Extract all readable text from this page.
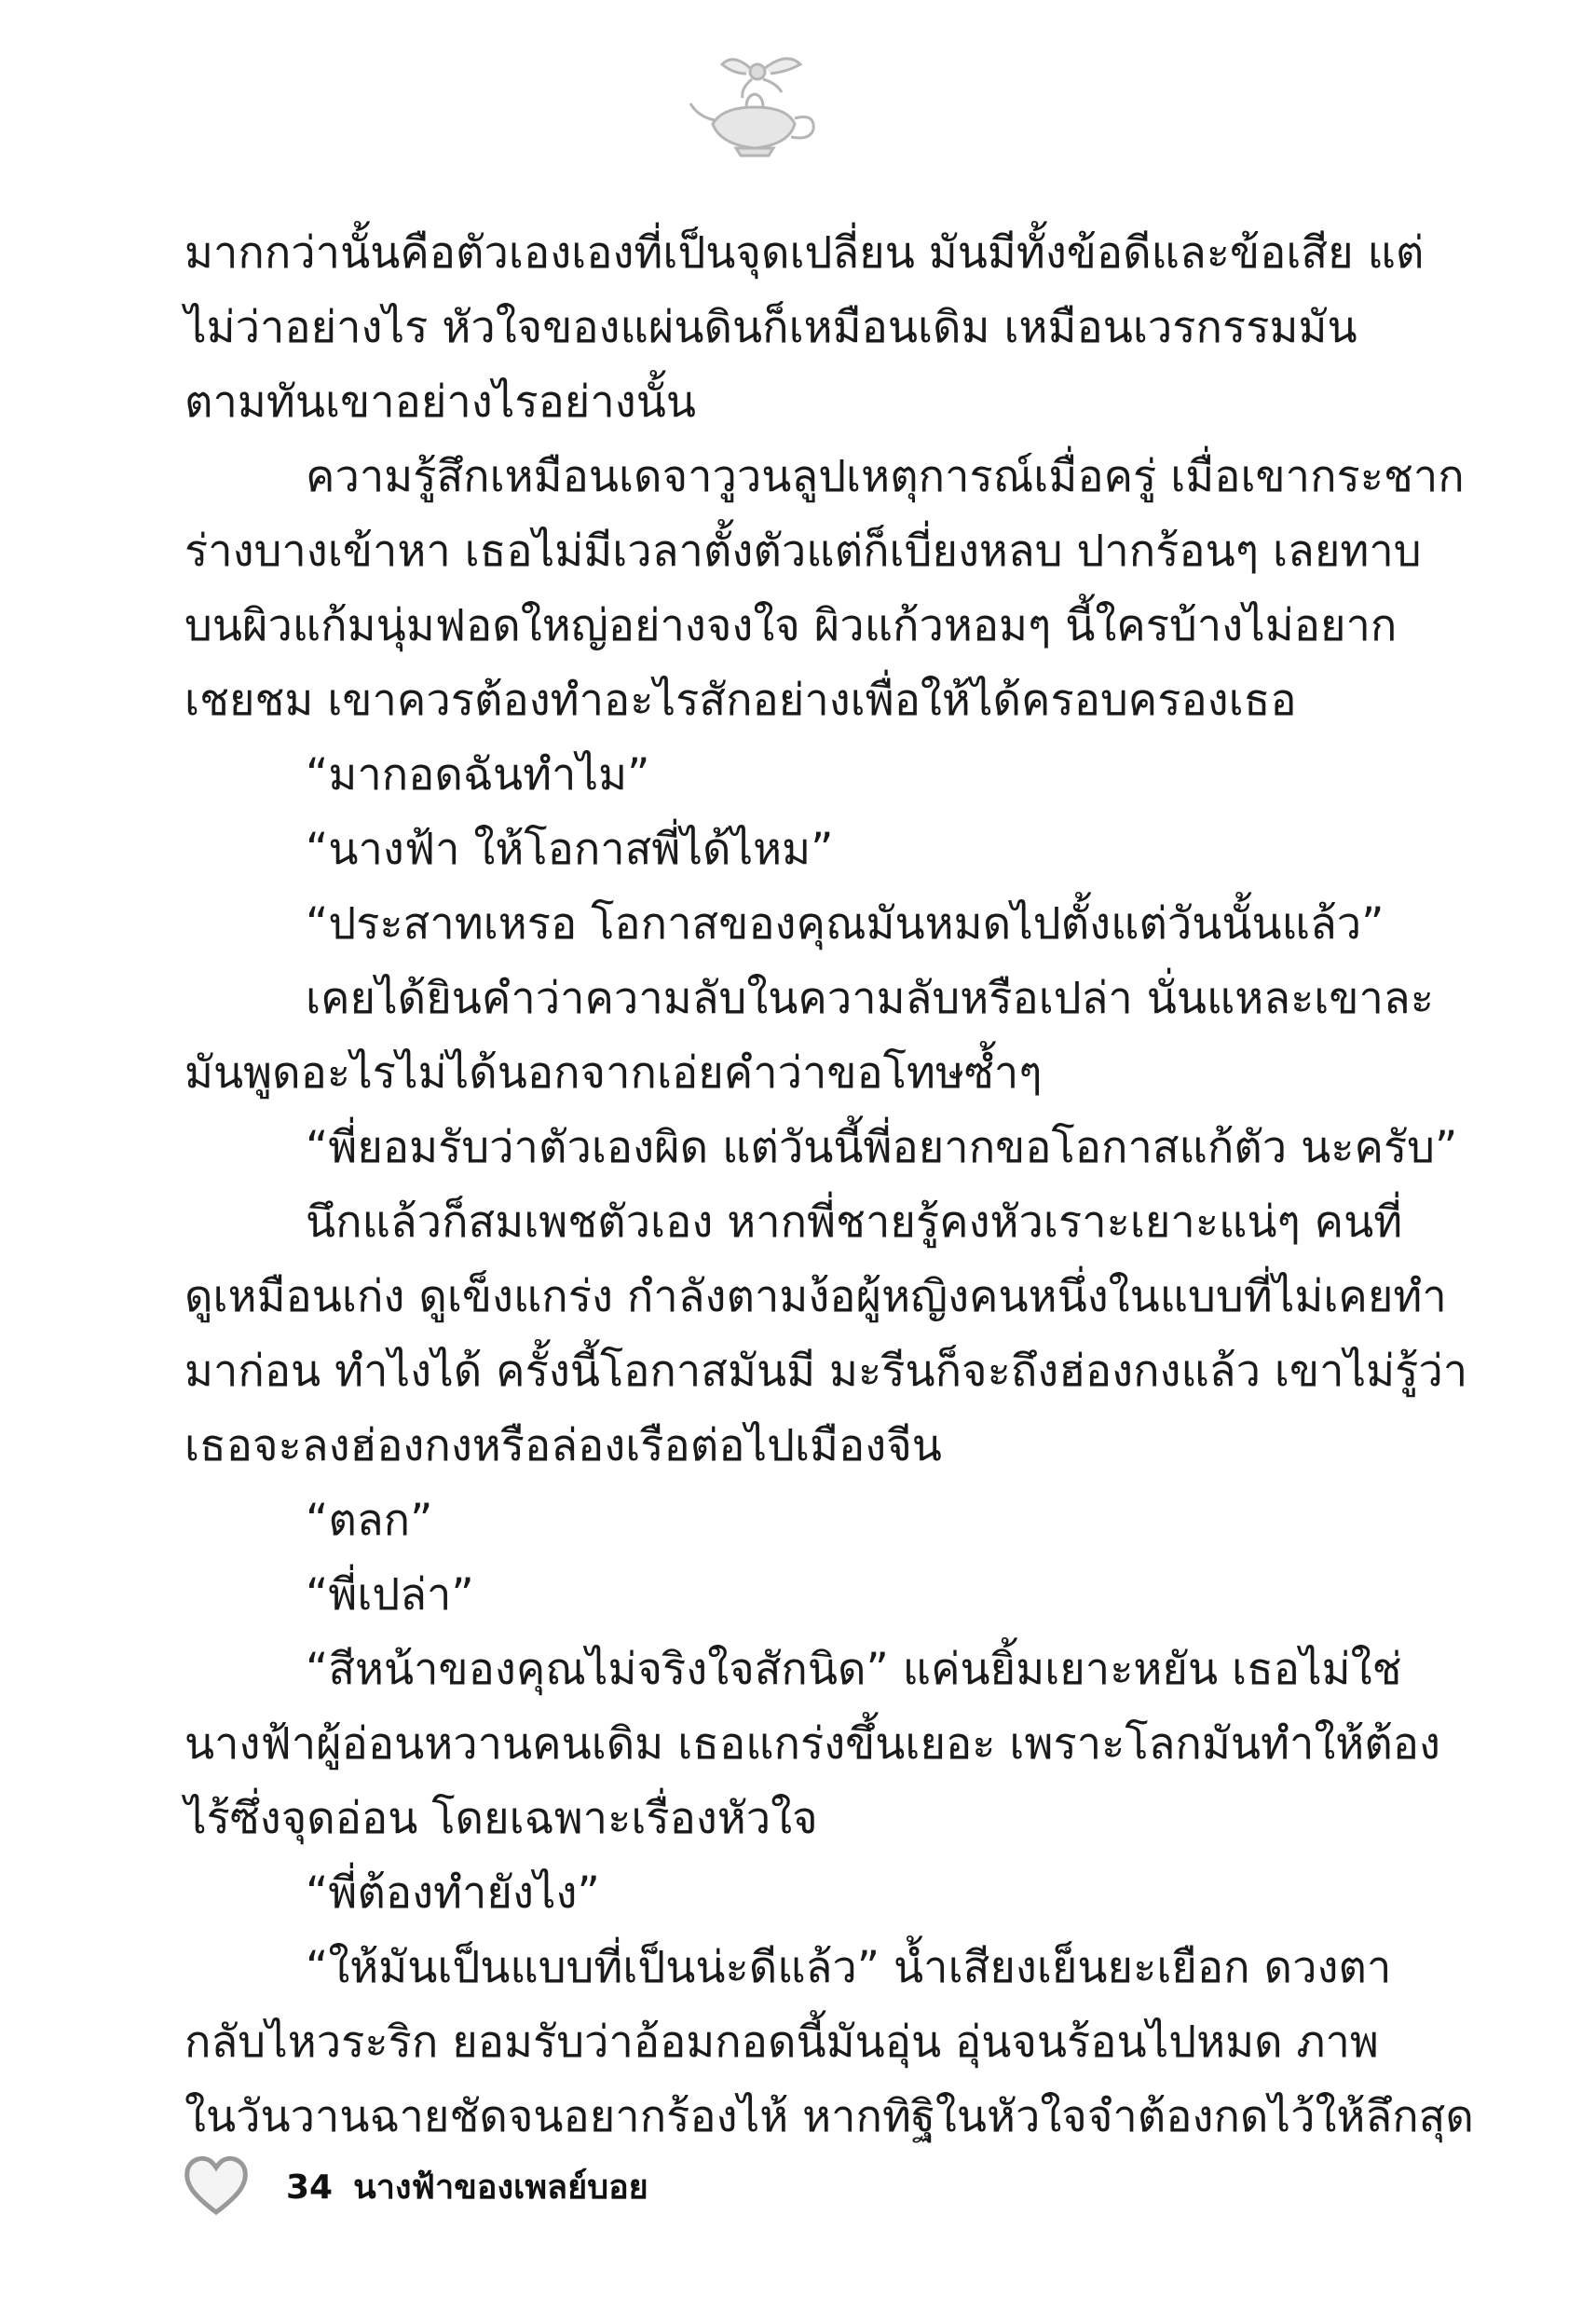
มากกว่านั้นคือตัวเองเองที่เป็นจุดเปลี่ยน มันมีทั้งข้อดีและข้อเสีย แต่
ไม่ว่าอย่างไร หัวใจของแผ่นดินก็เหมือนเดิม เหมือนเวรกรรมมัน
ตามทันเขาอย่างไรอย่างนั้น
ความรู้สึกเหมือนเดจาวูวนลูปเหตุการณ์เมื่อครู่ เมื่อเขากระชาก
ร่างบางเข้าหา เธอไม่มีเวลาตั้งตัวแต่ก็เบี่ยงหลบ ปากร้อนๆ เลยทาบ
บนผิวแก้มนุ่มฟอดใหญ่อย่างจงใจ ผิวแก้วหอมๆ นี้ใครบ้างไม่อยาก
เชยชม เขาควรต้องทำอะไรสักอย่างเพื่อให้ได้ครอบครองเธอ
“มากอดฉันทำไม”
“นางฟ้า ให้โอกาสพี่ได้ไหม”
“ประสาทเหรอ โอกาสของคุณมันหมดไปตั้งแต่วันนั้นแล้ว”
เคยได้ยินคำว่าความลับในความลับหรือเปล่า นั่นแหละเขาละ
มันพูดอะไรไม่ได้นอกจากเอ่ยคำว่าขอโทษซ้ำๆ
“พี่ยอมรับว่าตัวเองผิด แต่วันนี้พี่อยากขอโอกาสแก้ตัว นะครับ”
นึกแล้วก็สมเพชตัวเอง หากพี่ชายรู้คงหัวเราะเยาะแน่ๆ คนที่
ดูเหมือนเก่ง ดูเข็งแกร่ง กำลังตามง้อผู้หญิงคนหนึ่งในแบบที่ไม่เคยทำ
มาก่อน ทำไงได้ ครั้งนี้โอกาสมันมี มะรีนก็จะถึงฮ่องกงแล้ว เขาไม่รู้ว่า
เธอจะลงฮ่องกงหรือล่องเรือต่อไปเมืองจีน
“ตลก”
“พี่เปล่า”
“สีหน้าของคุณไม่จริงใจสักนิด” แค่นยิ้มเยาะหยัน เธอไม่ใช่
นางฟ้าผู้อ่อนหวานคนเดิม เธอแกร่งขึ้นเยอะ เพราะโลกมันทำให้ต้อง
ไร้ซึ่งจุดอ่อน โดยเฉพาะเรื่องหัวใจ
“พี่ต้องทำยังไง”
“ให้มันเป็นแบบที่เป็นน่ะดีแล้ว” น้ำเสียงเย็นยะเยือก ดวงตา
กลับไหวระริก ยอมรับว่าอ้อมกอดนี้มันอุ่น อุ่นจนร้อนไปหมด ภาพ
ในวันวานฉายชัดจนอยากร้องไห้ หากทิฐิในหัวใจจำต้องกดไว้ให้ลึกสุด
34 นางฟ้าของเพลย์บอย
